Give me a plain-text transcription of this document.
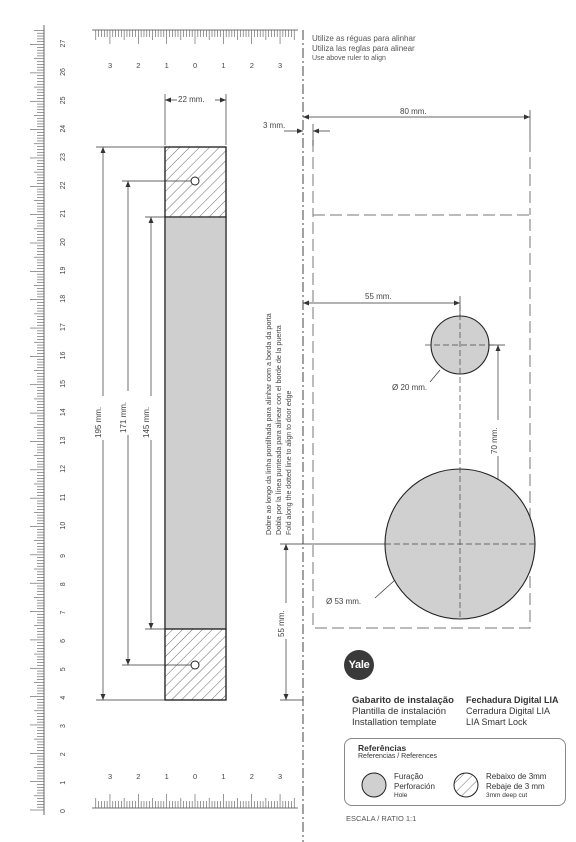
0
1
2
3
4
5
6
7
8
9
10
11
12
13
14
15
16
17
18
19
20
21
22
23
24
25
26
27
3	2	1	0	1	2	3
3	2	1	0	1	2	3
Dobre ao longo da linha pontilhada para alinhar com a borda da porta Dobla por la línea punteada para alinear con el borde de la puerta Fold along the dotted line to align to door edge
22 mm.
195 mm. 171 mm. 145 mm.
80 mm.
3 mm.
55 mm.
Ø 20 mm.
Ø 53 mm.
70 mm.
55 mm.
Utilize as réguas para alinhar
Utiliza las reglas para alinear
Use above ruler to align
Yale
Gabarito de instalação
Plantilla de instalación
Installation template
Fechadura Digital LIA
Cerradura Digital LIA
LIA Smart Lock
Referências
Referencias / References
Furação
Perforación
Hole
Rebaixo de 3mm
Rebaje de 3 mm
3mm deep cut
ESCALA / RATIO 1:1
